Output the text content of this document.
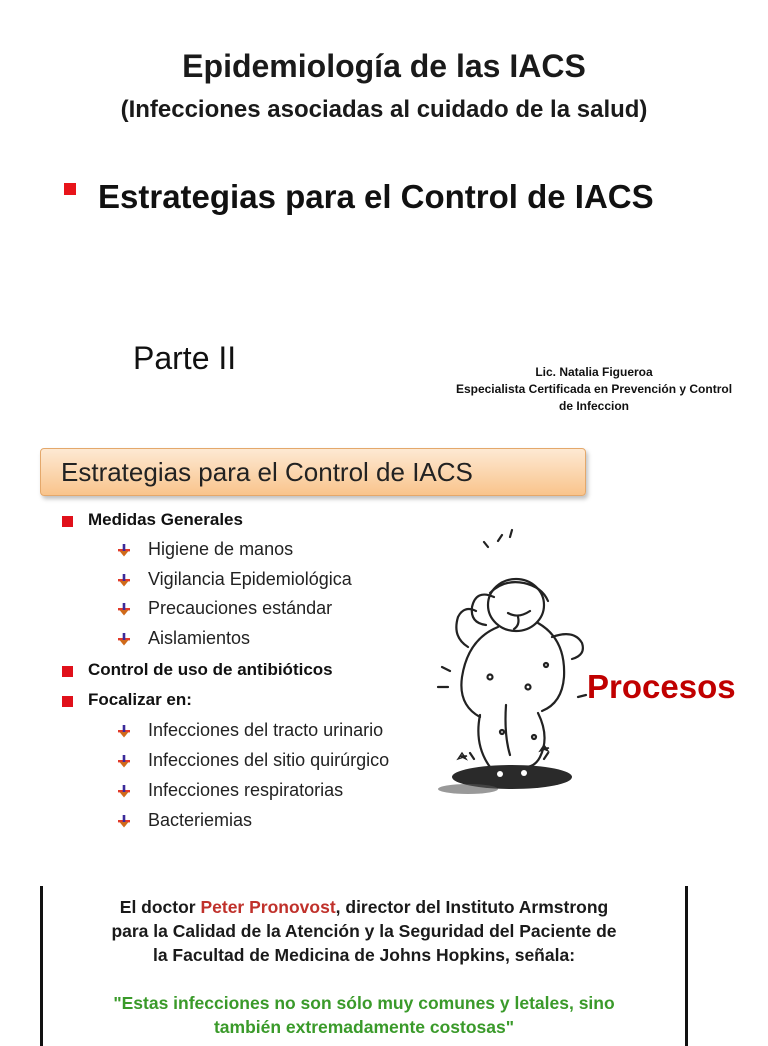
Epidemiología de las IACS
(Infecciones asociadas al cuidado de la salud)
Estrategias para el Control de IACS
Parte II	Lic. Natalia Figueroa
Especialista Certificada en Prevención y Control
de Infeccion
Estrategias para el Control de IACS
Medidas Generales
Higiene de manos
Vigilancia Epidemiológica
Precauciones estándar
Aislamientos
Control de uso de antibióticos
Focalizar en:
Infecciones del tracto urinario
Infecciones del sitio quirúrgico
Infecciones respiratorias
Bacteriemias
Procesos
El doctor Peter Pronovost, director del Instituto Armstrong
para la Calidad de la Atención y la Seguridad del Paciente de
la Facultad de Medicina de Johns Hopkins, señala:
"Estas infecciones no son sólo muy comunes y letales, sino
también extremadamente costosas"
